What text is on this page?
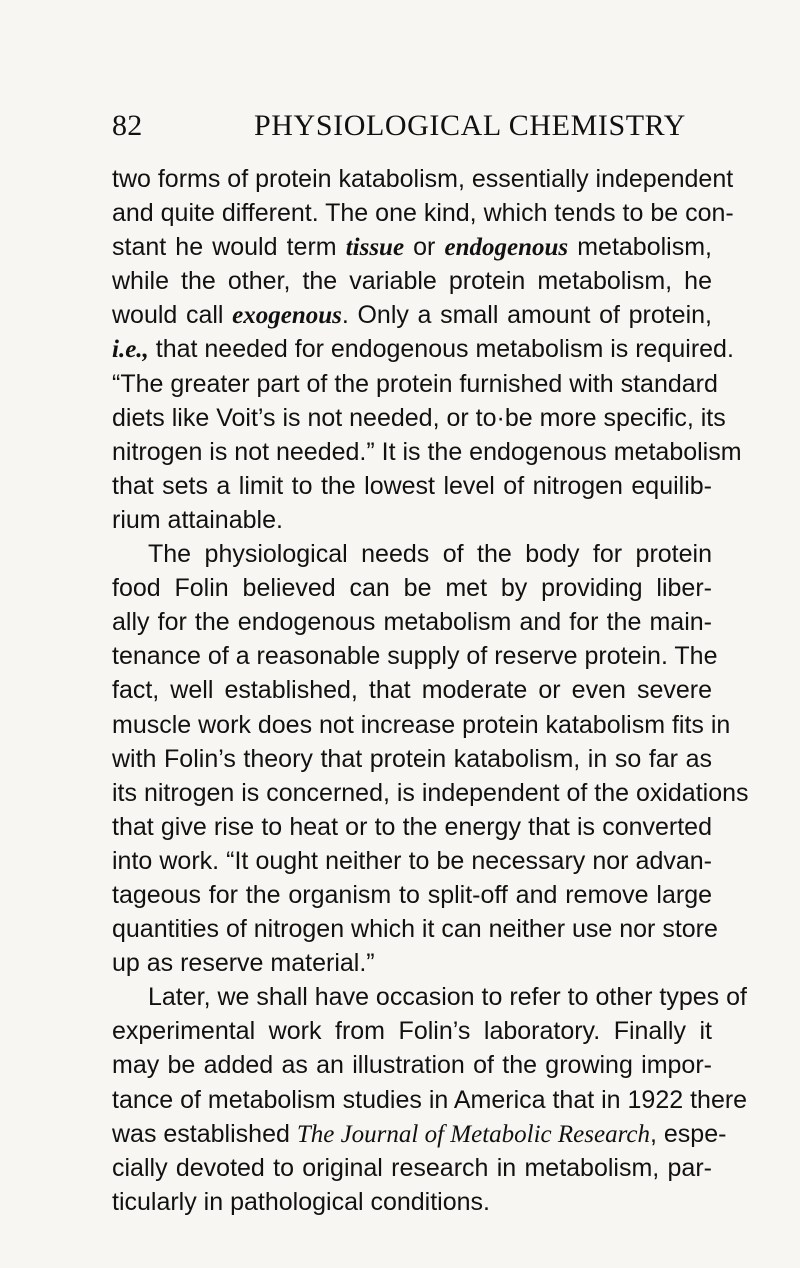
82	PHYSIOLOGICAL CHEMISTRY
two forms of protein katabolism, essentially independent
and quite different. The one kind, which tends to be con-
stant he would term tissue or endogenous metabolism,
while the other, the variable protein metabolism, he
would call exogenous. Only a small amount of protein,
i.e., that needed for endogenous metabolism is required.
“The greater part of the protein furnished with standard
diets like Voit’s is not needed, or to·be more specific, its
nitrogen is not needed.” It is the endogenous metabolism
that sets a limit to the lowest level of nitrogen equilib-
rium attainable.
The physiological needs of the body for protein
food Folin believed can be met by providing liber-
ally for the endogenous metabolism and for the main-
tenance of a reasonable supply of reserve protein. The
fact, well established, that moderate or even severe
muscle work does not increase protein katabolism fits in
with Folin’s theory that protein katabolism, in so far as
its nitrogen is concerned, is independent of the oxidations
that give rise to heat or to the energy that is converted
into work. “It ought neither to be necessary nor advan-
tageous for the organism to split-off and remove large
quantities of nitrogen which it can neither use nor store
up as reserve material.”
Later, we shall have occasion to refer to other types of
experimental work from Folin’s laboratory. Finally it
may be added as an illustration of the growing impor-
tance of metabolism studies in America that in 1922 there
was established The Journal of Metabolic Research, espe-
cially devoted to original research in metabolism, par-
ticularly in pathological conditions.
